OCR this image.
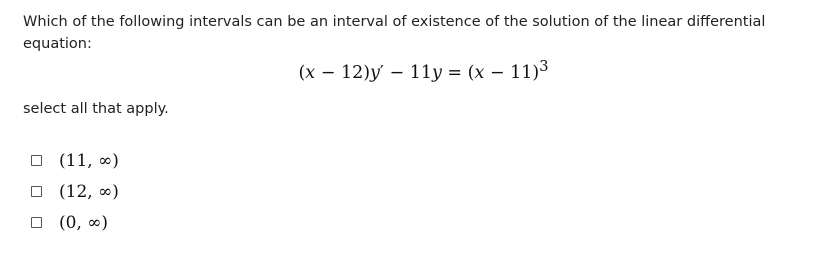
Which of the following intervals can be an interval of existence of the solution of the linear differential equation:
(𝑥 − 12)𝑦′ − 11𝑦 = (𝑥 − 11)$^3$
select all that apply.
(11, ∞)
(12, ∞)
(0, ∞)
